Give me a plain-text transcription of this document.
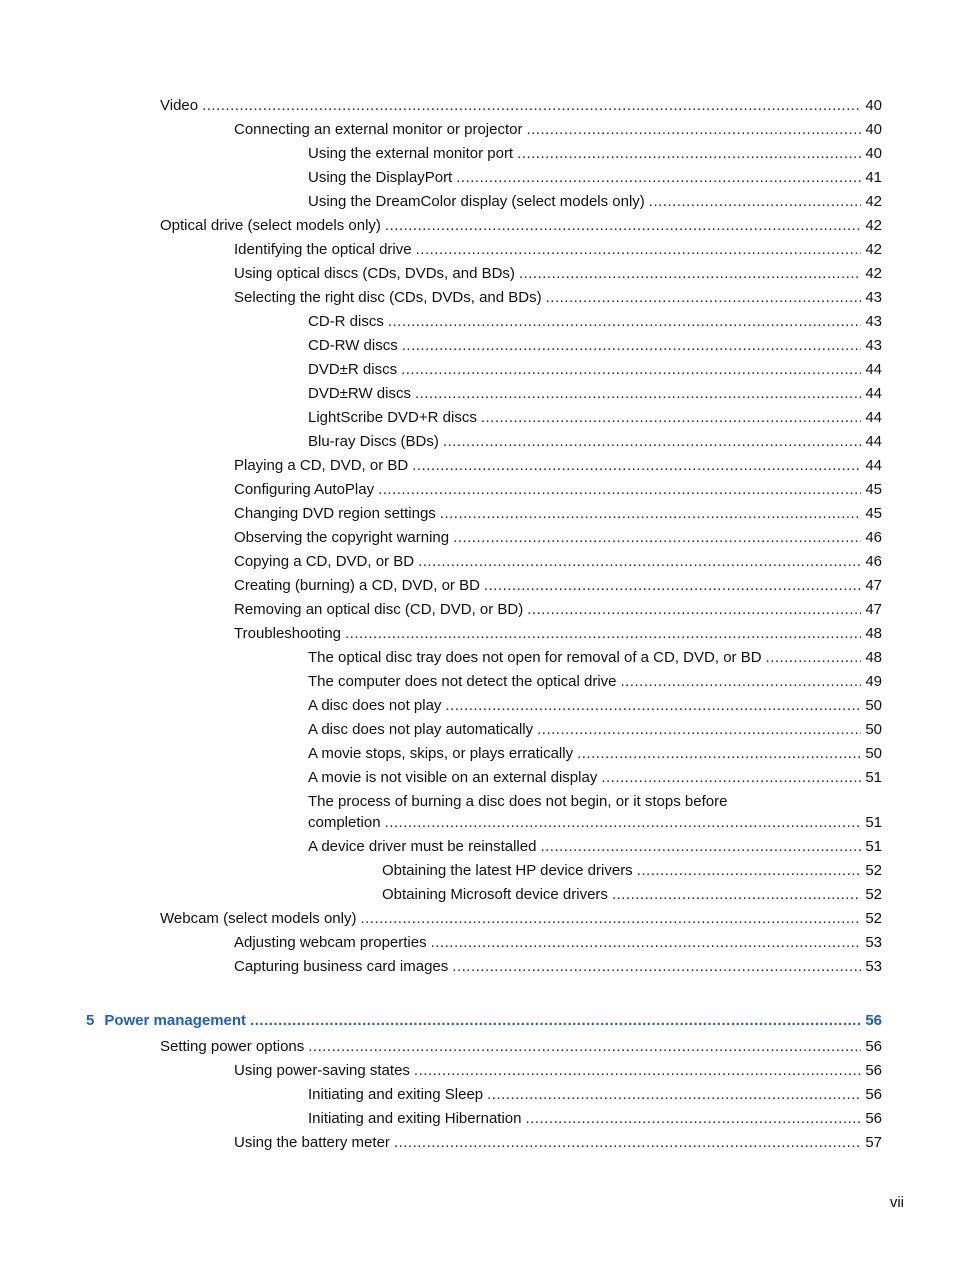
Video .....	40
Connecting an external monitor or projector .....	40
Using the external monitor port .....	40
Using the DisplayPort .....	41
Using the DreamColor display (select models only) .....	42
Optical drive (select models only) .....	42
Identifying the optical drive .....	42
Using optical discs (CDs, DVDs, and BDs) .....	42
Selecting the right disc (CDs, DVDs, and BDs) .....	43
CD-R discs .....	43
CD-RW discs .....	43
DVD±R discs .....	44
DVD±RW discs .....	44
LightScribe DVD+R discs .....	44
Blu-ray Discs (BDs) .....	44
Playing a CD, DVD, or BD .....	44
Configuring AutoPlay .....	45
Changing DVD region settings .....	45
Observing the copyright warning .....	46
Copying a CD, DVD, or BD .....	46
Creating (burning) a CD, DVD, or BD .....	47
Removing an optical disc (CD, DVD, or BD) .....	47
Troubleshooting .....	48
The optical disc tray does not open for removal of a CD, DVD, or BD .....	48
The computer does not detect the optical drive .....	49
A disc does not play .....	50
A disc does not play automatically .....	50
A movie stops, skips, or plays erratically .....	50
A movie is not visible on an external display .....	51
The process of burning a disc does not begin, or it stops before
completion .....	51
A device driver must be reinstalled .....	51
Obtaining the latest HP device drivers .....	52
Obtaining Microsoft device drivers .....	52
Webcam (select models only) .....	52
Adjusting webcam properties .....	53
Capturing business card images .....	53
5 Power management .....	56
Setting power options .....	56
Using power-saving states .....	56
Initiating and exiting Sleep .....	56
Initiating and exiting Hibernation .....	56
Using the battery meter .....	57
vii
